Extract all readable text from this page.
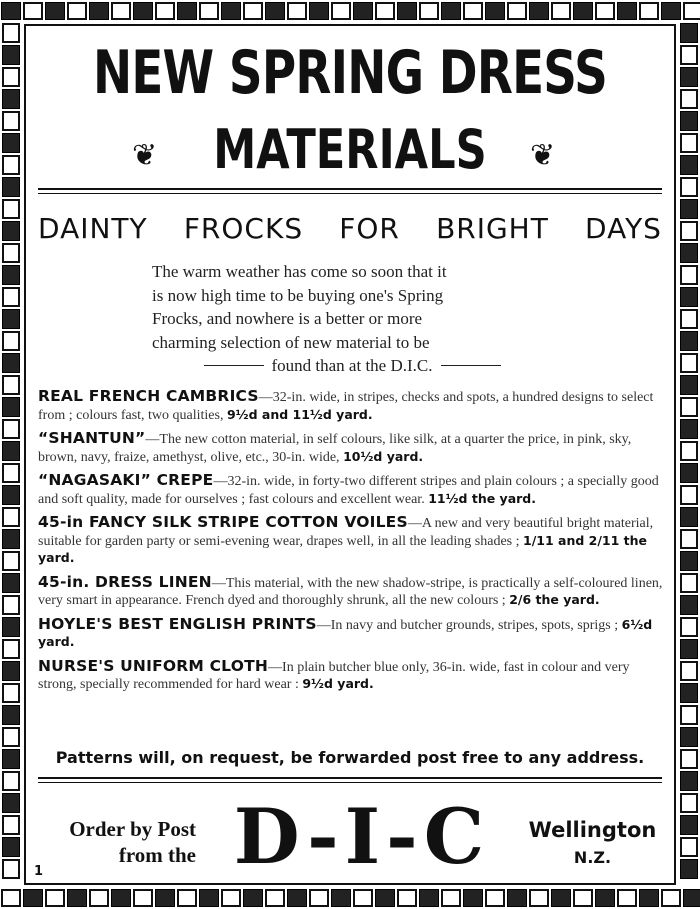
NEW SPRING DRESS
❦	MATERIALS	❦
DAINTY FROCKS FOR BRIGHT DAYS
The warm weather has come so soon that it
is now high time to be buying one's Spring
Frocks, and nowhere is a better or more
charming selection of new material to be
found than at the D.I.C.
REAL FRENCH CAMBRICS—32-in. wide, in stripes, checks and spots, a hundred designs to select from ; colours fast, two qualities, 9½d and 11½d yard.
“SHANTUN”—The new cotton material, in self colours, like silk, at a quarter the price, in pink, sky, brown, navy, fraize, amethyst, olive, etc., 30-in. wide, 10½d yard.
“NAGASAKI” CREPE—32-in. wide, in forty-two different stripes and plain colours ; a specially good and soft quality, made for ourselves ; fast colours and excellent wear. 11½d the yard.
45-in FANCY SILK STRIPE COTTON VOILES—A new and very beautiful bright material, suitable for garden party or semi-evening wear, drapes well, in all the leading shades ; 1/11 and 2/11 the yard.
45-in. DRESS LINEN—This material, with the new shadow-stripe, is practically a self-coloured linen, very smart in appearance. French dyed and thoroughly shrunk, all the new colours ; 2/6 the yard.
HOYLE'S BEST ENGLISH PRINTS—In navy and butcher grounds, stripes, spots, sprigs ; 6½d yard.
NURSE'S UNIFORM CLOTH—In plain butcher blue only, 36-in. wide, fast in colour and very strong, specially recommended for hard wear : 9½d yard.
Patterns will, on request, be forwarded post free to any address.
Order by Post
from the D-I-C	Wellington
N.Z.
1
